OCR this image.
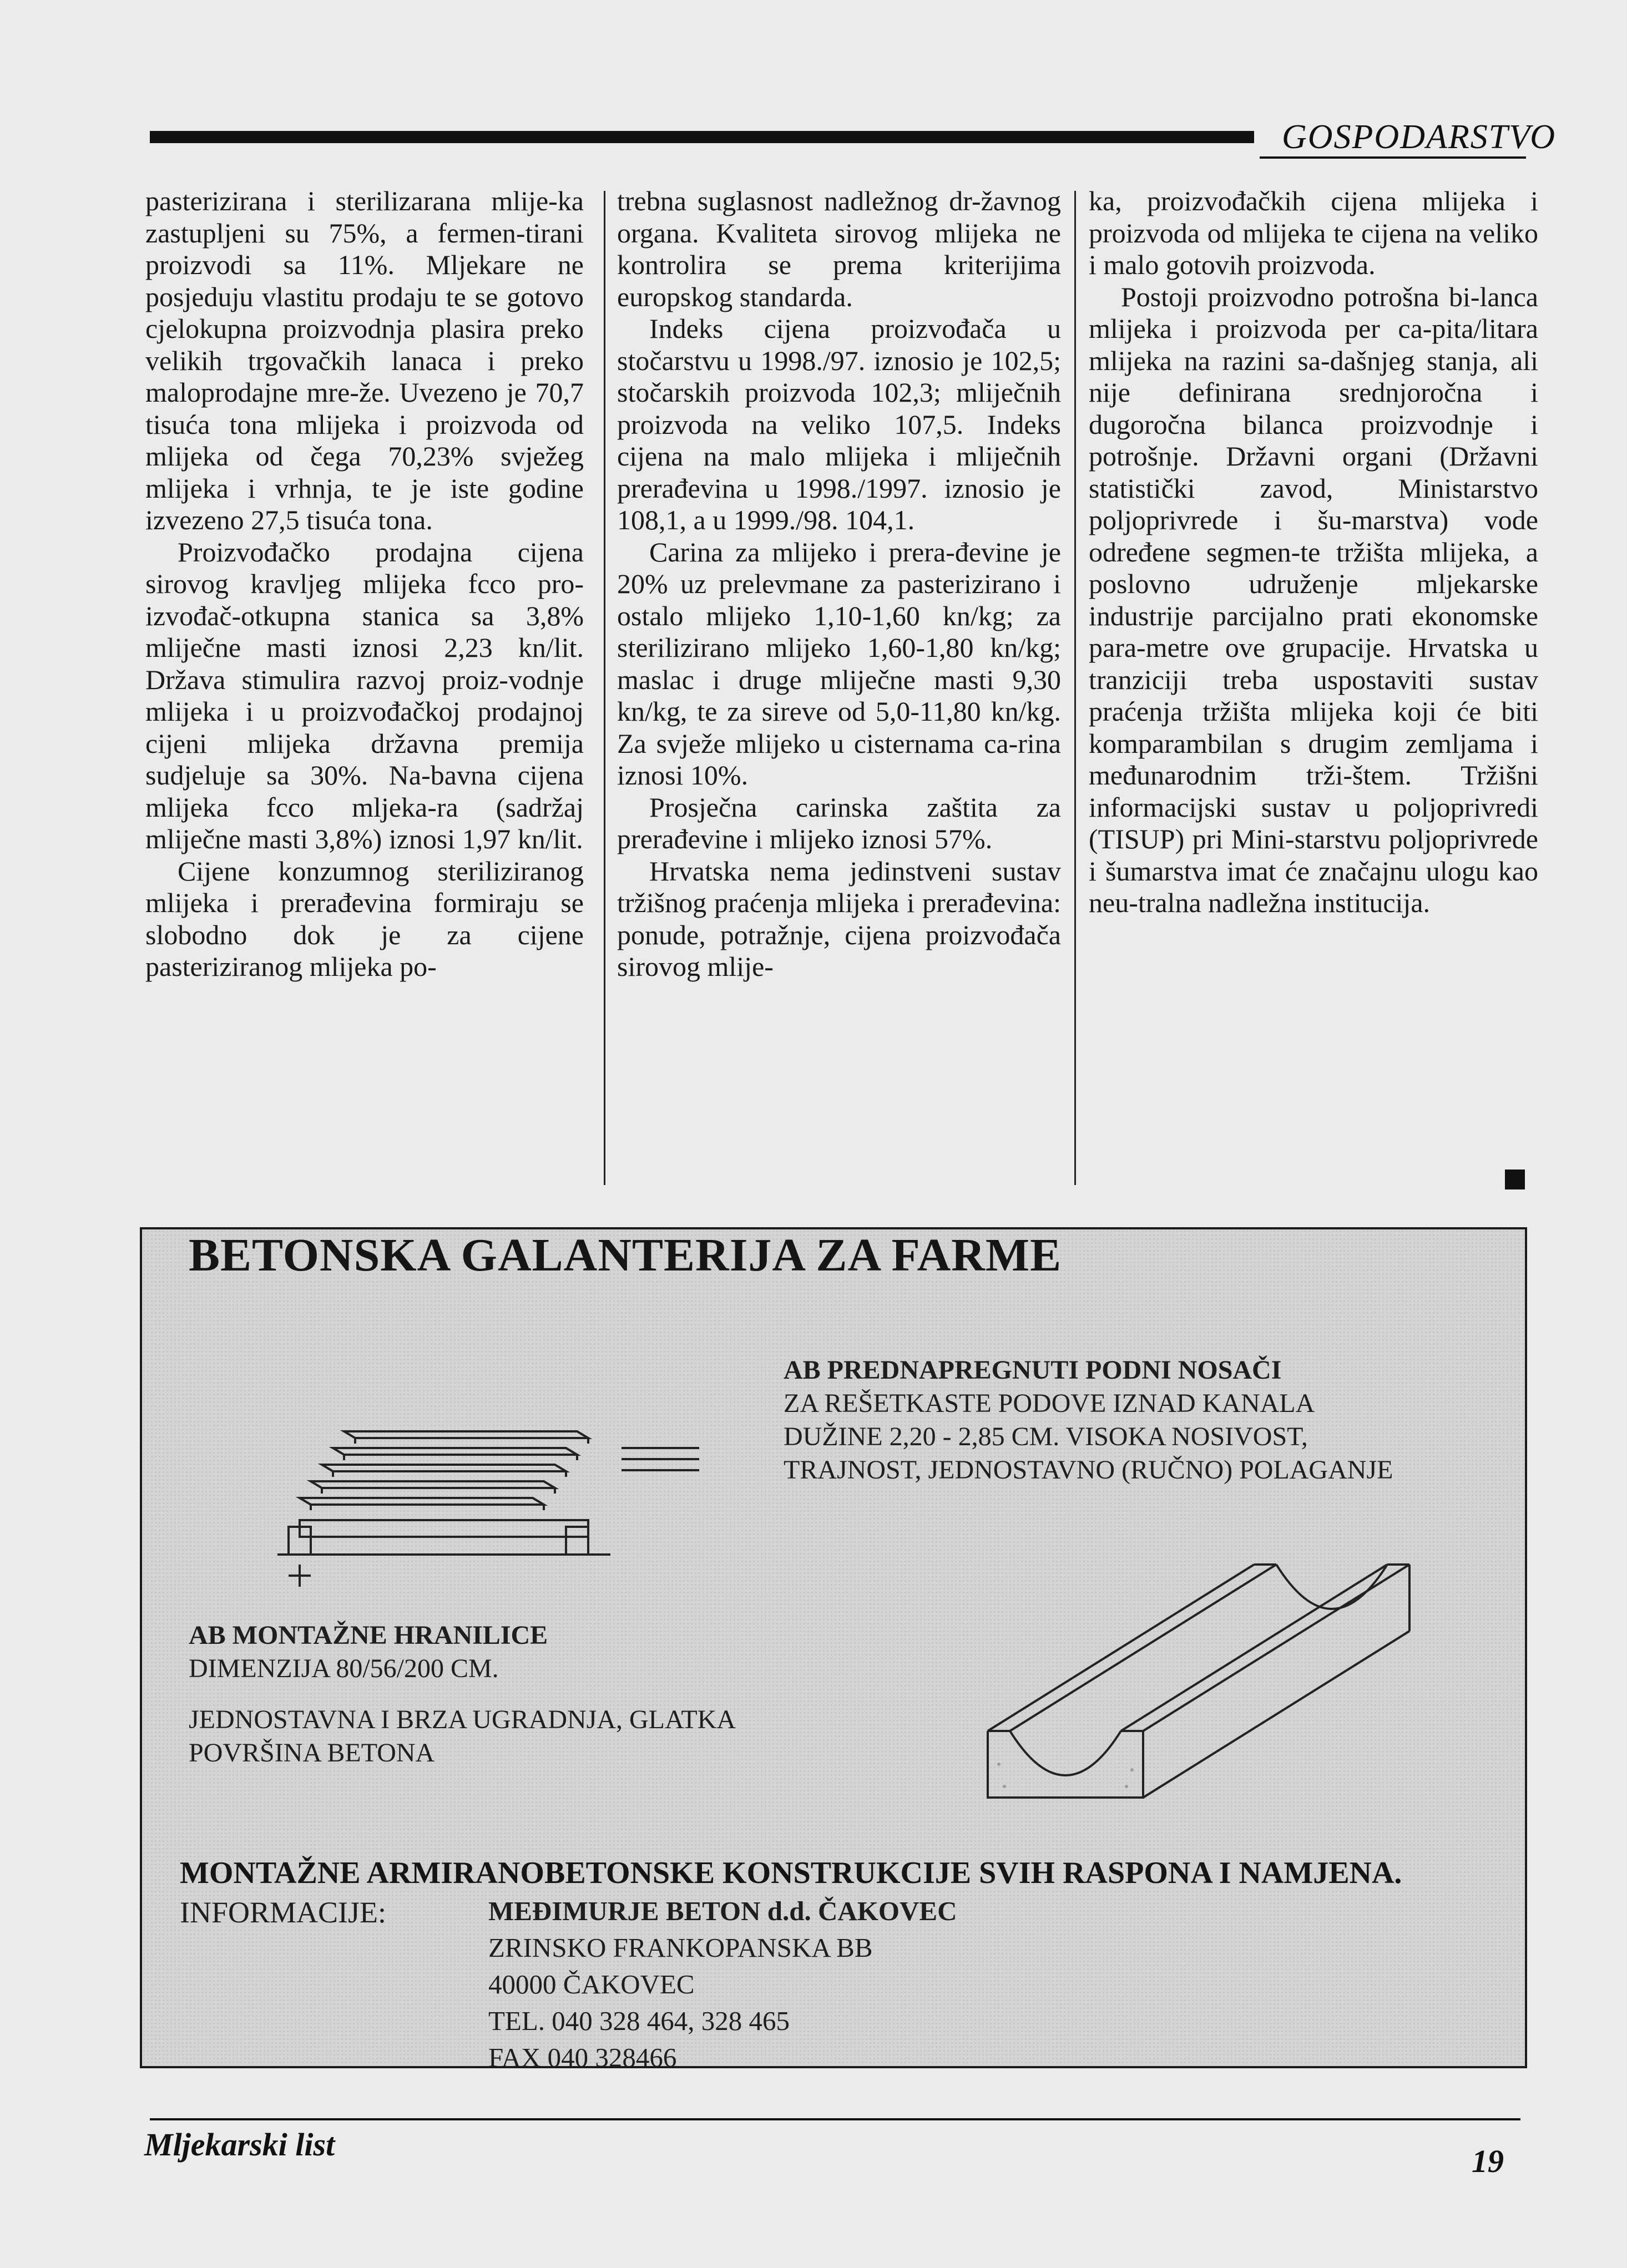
GOSPODARSTVO

pasterizirana i sterilizarana mlije-ka zastupljeni su 75%, a fermen-tirani proizvodi sa 11%. Mljekare ne posjeduju vlastitu prodaju te se gotovo cjelokupna proizvodnja plasira preko velikih trgovačkih lanaca i preko maloprodajne mre-že. Uvezeno je 70,7 tisuća tona mlijeka i proizvoda od mlijeka od čega 70,23% svježeg mlijeka i vrhnja, te je iste godine izvezeno 27,5 tisuća tona.

Proizvođačko prodajna cijena sirovog kravljeg mlijeka fcco pro-izvođač-otkupna stanica sa 3,8% mliječne masti iznosi 2,23 kn/lit. Država stimulira razvoj proiz-vodnje mlijeka i u proizvođačkoj prodajnoj cijeni mlijeka državna premija sudjeluje sa 30%. Na-bavna cijena mlijeka fcco mljeka-ra (sadržaj mliječne masti 3,8%) iznosi 1,97 kn/lit.

Cijene konzumnog steriliziranog mlijeka i prerađevina formiraju se slobodno dok je za cijene pasteriziranog mlijeka po-

trebna suglasnost nadležnog dr-žavnog organa. Kvaliteta sirovog mlijeka ne kontrolira se prema kriterijima europskog standarda.

Indeks cijena proizvođača u stočarstvu u 1998./97. iznosio je 102,5; stočarskih proizvoda 102,3; mliječnih proizvoda na veliko 107,5. Indeks cijena na malo mlijeka i mliječnih prerađevina u 1998./1997. iznosio je 108,1, a u 1999./98. 104,1.

Carina za mlijeko i prera-đevine je 20% uz prelevmane za pasterizirano i ostalo mlijeko 1,10-1,60 kn/kg; za sterilizirano mlijeko 1,60-1,80 kn/kg; maslac i druge mliječne masti 9,30 kn/kg, te za sireve od 5,0-11,80 kn/kg. Za svježe mlijeko u cisternama ca-rina iznosi 10%.

Prosječna carinska zaštita za prerađevine i mlijeko iznosi 57%.

Hrvatska nema jedinstveni sustav tržišnog praćenja mlijeka i prerađevina: ponude, potražnje, cijena proizvođača sirovog mlije-

ka, proizvođačkih cijena mlijeka i proizvoda od mlijeka te cijena na veliko i malo gotovih proizvoda.

Postoji proizvodno potrošna bi-lanca mlijeka i proizvoda per ca-pita/litara mlijeka na razini sa-dašnjeg stanja, ali nije definirana srednjoročna i dugoročna bilanca proizvodnje i potrošnje. Državni organi (Državni statistički zavod, Ministarstvo poljoprivrede i šu-marstva) vode određene segmen-te tržišta mlijeka, a poslovno udruženje mljekarske industrije parcijalno prati ekonomske para-metre ove grupacije. Hrvatska u tranziciji treba uspostaviti sustav praćenja tržišta mlijeka koji će biti komparambilan s drugim zemljama i međunarodnim trži-štem. Tržišni informacijski sustav u poljoprivredi (TISUP) pri Mini-starstvu poljoprivrede i šumarstva imat će značajnu ulogu kao neu-tralna nadležna institucija.

BETONSKA GALANTERIJA ZA FARME
AB PREDNAPREGNUTI PODNI NOSAČI
ZA REŠETKASTE PODOVE IZNAD KANALA
DUŽINE 2,20 - 2,85 CM. VISOKA NOSIVOST,
TRAJNOST, JEDNOSTAVNO (RUČNO) POLAGANJE
AB MONTAŽNE HRANILICE
DIMENZIJA 80/56/200 CM.
JEDNOSTAVNA I BRZA UGRADNJA, GLATKA
POVRŠINA BETONA
MONTAŽNE ARMIRANOBETONSKE KONSTRUKCIJE SVIH RASPONA I NAMJENA.
INFORMACIJE:	MEĐIMURJE BETON d.d. ČAKOVEC
ZRINSKO FRANKOPANSKA BB
40000 ČAKOVEC
TEL. 040 328 464, 328 465
FAX 040 328466
Mljekarski list	19
